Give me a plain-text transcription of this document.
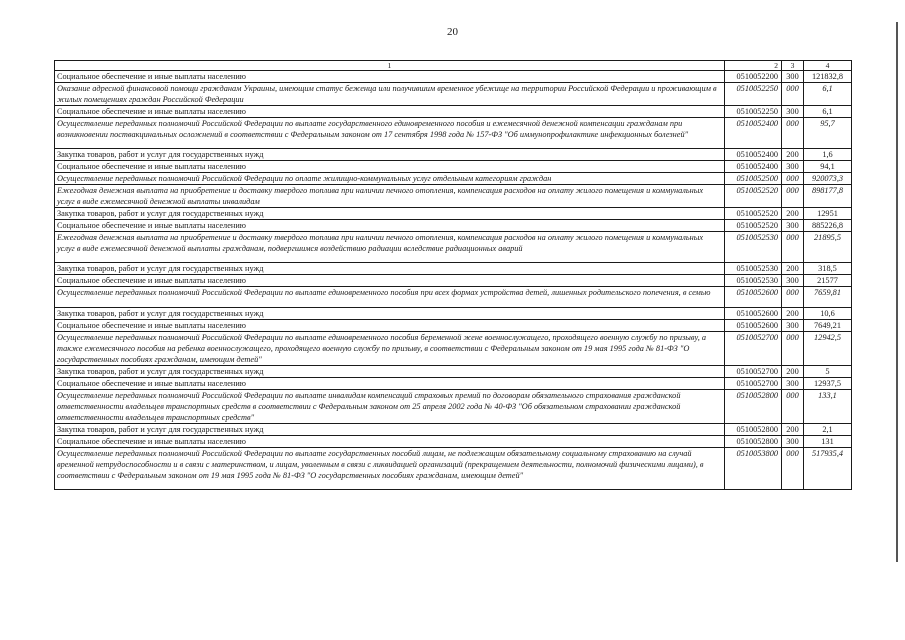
20
1	2	3	4
Социальное обеспечение и иные выплаты населению	0510052200	300	121832,8
Оказание адресной финансовой помощи гражданам Украины, имеющим статус беженца или получившим временное убежище на территории Российской Федерации и проживающим в жилых помещениях граждан Российской Федерации	0510052250	000	6,1
Социальное обеспечение и иные выплаты населению	0510052250	300	6,1
Осуществление переданных полномочий Российской Федерации по выплате государственного единовременного пособия и ежемесячной денежной компенсации гражданам при возникновении поствакцинальных осложнений в соответствии с Федеральным законом от 17 сентября 1998 года № 157-ФЗ "Об иммунопрофилактике инфекционных болезней"	0510052400	000	95,7
Закупка товаров, работ и услуг для государственных нужд	0510052400	200	1,6
Социальное обеспечение и иные выплаты населению	0510052400	300	94,1
Осуществление переданных полномочий Российской Федерации по оплате жилищно-коммунальных услуг отдельным категориям граждан	0510052500	000	920073,3
Ежегодная денежная выплата на приобретение и доставку твердого топлива при наличии печного отопления, компенсация расходов на оплату жилого помещения и коммунальных услуг в виде ежемесячной денежной выплаты инвалидам	0510052520	000	898177,8
Закупка товаров, работ и услуг для государственных нужд	0510052520	200	12951
Социальное обеспечение и иные выплаты населению	0510052520	300	885226,8
Ежегодная денежная выплата на приобретение и доставку твердого топлива при наличии печного отопления, компенсация расходов на оплату жилого помещения и коммунальных услуг в виде ежемесячной денежной выплаты гражданам, подвергшимся воздействию радиации вследствие радиационных аварий	0510052530	000	21895,5
Закупка товаров, работ и услуг для государственных нужд	0510052530	200	318,5
Социальное обеспечение и иные выплаты населению	0510052530	300	21577
Осуществление переданных полномочий Российской Федерации по выплате единовременного пособия при всех формах устройства детей, лишенных родительского попечения, в семью	0510052600	000	7659,81
Закупка товаров, работ и услуг для государственных нужд	0510052600	200	10,6
Социальное обеспечение и иные выплаты населению	0510052600	300	7649,21
Осуществление переданных полномочий Российской Федерации по выплате единовременного пособия беременной жене военнослужащего, проходящего военную службу по призыву, а также ежемесячного пособия на ребенка военнослужащего, проходящего военную службу по призыву, в соответствии с Федеральным законом от 19 мая 1995 года № 81-ФЗ "О государственных пособиях гражданам, имеющим детей"	0510052700	000	12942,5
Закупка товаров, работ и услуг для государственных нужд	0510052700	200	5
Социальное обеспечение и иные выплаты населению	0510052700	300	12937,5
Осуществление переданных полномочий Российской Федерации по выплате инвалидам компенсаций страховых премий по договорам обязательного страхования гражданской ответственности владельцев транспортных средств в соответствии с Федеральным законом от 25 апреля 2002 года № 40-ФЗ "Об обязательном страховании гражданской ответственности владельцев транспортных средств"	0510052800	000	133,1
Закупка товаров, работ и услуг для государственных нужд	0510052800	200	2,1
Социальное обеспечение и иные выплаты населению	0510052800	300	131
Осуществление переданных полномочий Российской Федерации по выплате государственных пособий лицам, не подлежащим обязательному социальному страхованию на случай временной нетрудоспособности и в связи с материнством, и лицам, уволенным в связи с ликвидацией организаций (прекращением деятельности, полномочий физическими лицами), в соответствии с Федеральным законом от 19 мая 1995 года № 81-ФЗ "О государственных пособиях гражданам, имеющим детей"	0510053800	000	517935,4
